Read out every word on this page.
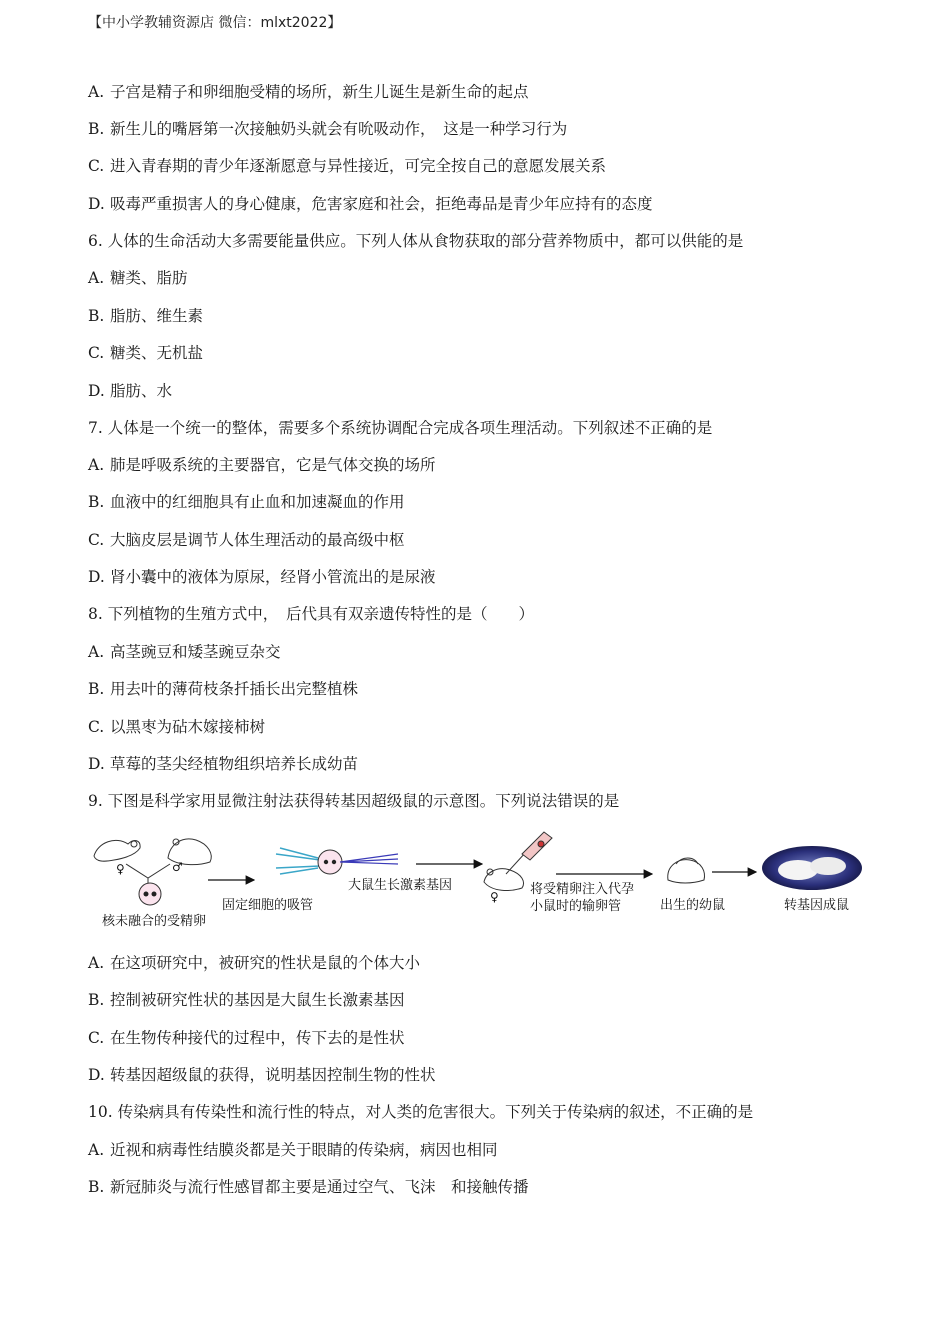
【中小学教辅资源店 微信：mlxt2022】
A. 子宫是精子和卵细胞受精的场所，新生儿诞生是新生命的起点
B. 新生儿的嘴唇第一次接触奶头就会有吮吸动作，　这是一种学习行为
C. 进入青春期的青少年逐渐愿意与异性接近，可完全按自己的意愿发展关系
D. 吸毒严重损害人的身心健康，危害家庭和社会，拒绝毒品是青少年应持有的态度
6. 人体的生命活动大多需要能量供应。下列人体从食物获取的部分营养物质中，都可以供能的是
A. 糖类、脂肪
B. 脂肪、维生素
C. 糖类、无机盐
D. 脂肪、水
7. 人体是一个统一的整体，需要多个系统协调配合完成各项生理活动。下列叙述不正确的是
A. 肺是呼吸系统的主要器官，它是气体交换的场所
B. 血液中的红细胞具有止血和加速凝血的作用
C. 大脑皮层是调节人体生理活动的最高级中枢
D. 肾小囊中的液体为原尿，经肾小管流出的是尿液
8. 下列植物的生殖方式中，　后代具有双亲遗传特性的是（　　）
A. 高茎豌豆和矮茎豌豆杂交
B. 用去叶的薄荷枝条扦插长出完整植株
C. 以黑枣为砧木嫁接柿树
D. 草莓的茎尖经植物组织培养长成幼苗
9. 下图是科学家用显微注射法获得转基因超级鼠的示意图。下列说法错误的是
♀	♂
♀
核未融合的受精卵
固定细胞的吸管
大鼠生长激素基因	将受精卵注入代孕
小鼠时的输卵管	出生的幼鼠	转基因成鼠
A. 在这项研究中，被研究的性状是鼠的个体大小
B. 控制被研究性状的基因是大鼠生长激素基因
C. 在生物传种接代的过程中，传下去的是性状
D. 转基因超级鼠的获得，说明基因控制生物的性状
10. 传染病具有传染性和流行性的特点，对人类的危害很大。下列关于传染病的叙述，不正确的是
A. 近视和病毒性结膜炎都是关于眼睛的传染病，病因也相同
B. 新冠肺炎与流行性感冒都主要是通过空气、飞沫　和接触传播
